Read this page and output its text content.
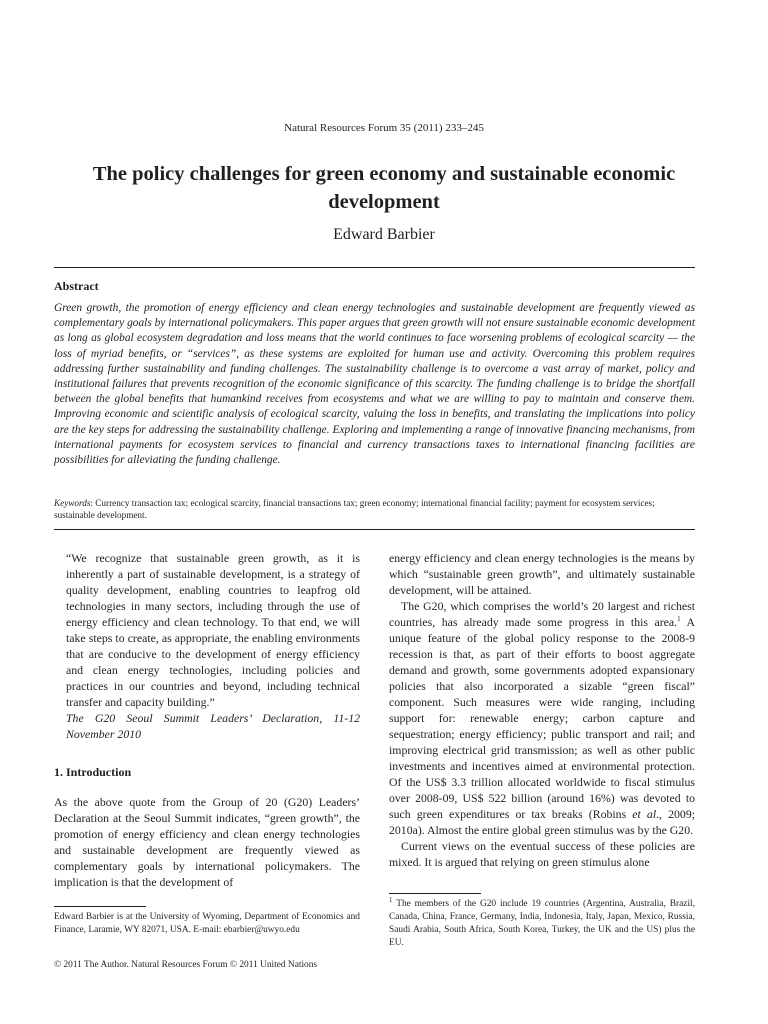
Natural Resources Forum 35 (2011) 233–245
The policy challenges for green economy and sustainable economic development
Edward Barbier
Abstract

Green growth, the promotion of energy efficiency and clean energy technologies and sustainable development are frequently viewed as complementary goals by international policymakers. This paper argues that green growth will not ensure sustainable economic development as long as global ecosystem degradation and loss means that the world continues to face worsening problems of ecological scarcity — the loss of myriad benefits, or “services”, as these systems are exploited for human use and activity. Overcoming this problem requires addressing further sustainability and funding challenges. The sustainability challenge is to overcome a vast array of market, policy and institutional failures that prevents recognition of the economic significance of this scarcity. The funding challenge is to bridge the shortfall between the global benefits that humankind receives from ecosystems and what we are willing to pay to maintain and conserve them. Improving economic and scientific analysis of ecological scarcity, valuing the loss in benefits, and translating the implications into policy are the key steps for addressing the sustainability challenge. Exploring and implementing a range of innovative financing mechanisms, from international payments for ecosystem services to financial and currency transactions taxes to international financing facilities are possibilities for alleviating the funding challenge.

Keywords: Currency transaction tax; ecological scarcity, financial transactions tax; green economy; international financial facility; payment for ecosystem services; sustainable development.

“We recognize that sustainable green growth, as it is inherently a part of sustainable development, is a strategy of quality development, enabling countries to leapfrog old technologies in many sectors, including through the use of energy efficiency and clean technology. To that end, we will take steps to create, as appropriate, the enabling environments that are conducive to the development of energy efficiency and clean energy technologies, including policies and practices in our countries and beyond, including technical transfer and capacity building.”

The G20 Seoul Summit Leaders’ Declaration, 11-12 November 2010

1. Introduction

As the above quote from the Group of 20 (G20) Leaders’ Declaration at the Seoul Summit indicates, “green growth”, the promotion of energy efficiency and clean energy technologies and sustainable development are frequently viewed as complementary goals by international policymakers. The implication is that the development of

energy efficiency and clean energy technologies is the means by which “sustainable green growth”, and ultimately sustainable development, will be attained.

The G20, which comprises the world’s 20 largest and richest countries, has already made some progress in this area.$^1$ A unique feature of the global policy response to the 2008-9 recession is that, as part of their efforts to boost aggregate demand and growth, some governments adopted expansionary policies that also incorporated a sizable “green fiscal” component. Such measures were wide ranging, including support for: renewable energy; carbon capture and sequestration; energy efficiency; public transport and rail; and improving electrical grid transmission; as well as other public investments and incentives aimed at environmental protection. Of the US$ 3.3 trillion allocated worldwide to fiscal stimulus over 2008-09, US$ 522 billion (around 16%) was devoted to such green expenditures or tax breaks (Robins et al., 2009; 2010a). Almost the entire global green stimulus was by the G20.

Current views on the eventual success of these policies are mixed. It is argued that relying on green stimulus alone

Edward Barbier is at the University of Wyoming, Department of Economics and Finance, Laramie, WY 82071, USA. E-mail: ebarbier@uwyo.edu

$^1$ The members of the G20 include 19 countries (Argentina, Australia, Brazil, Canada, China, France, Germany, India, Indonesia, Italy, Japan, Mexico, Russia, Saudi Arabia, South Africa, South Korea, Turkey, the UK and the US) plus the EU.

© 2011 The Author. Natural Resources Forum © 2011 United Nations
